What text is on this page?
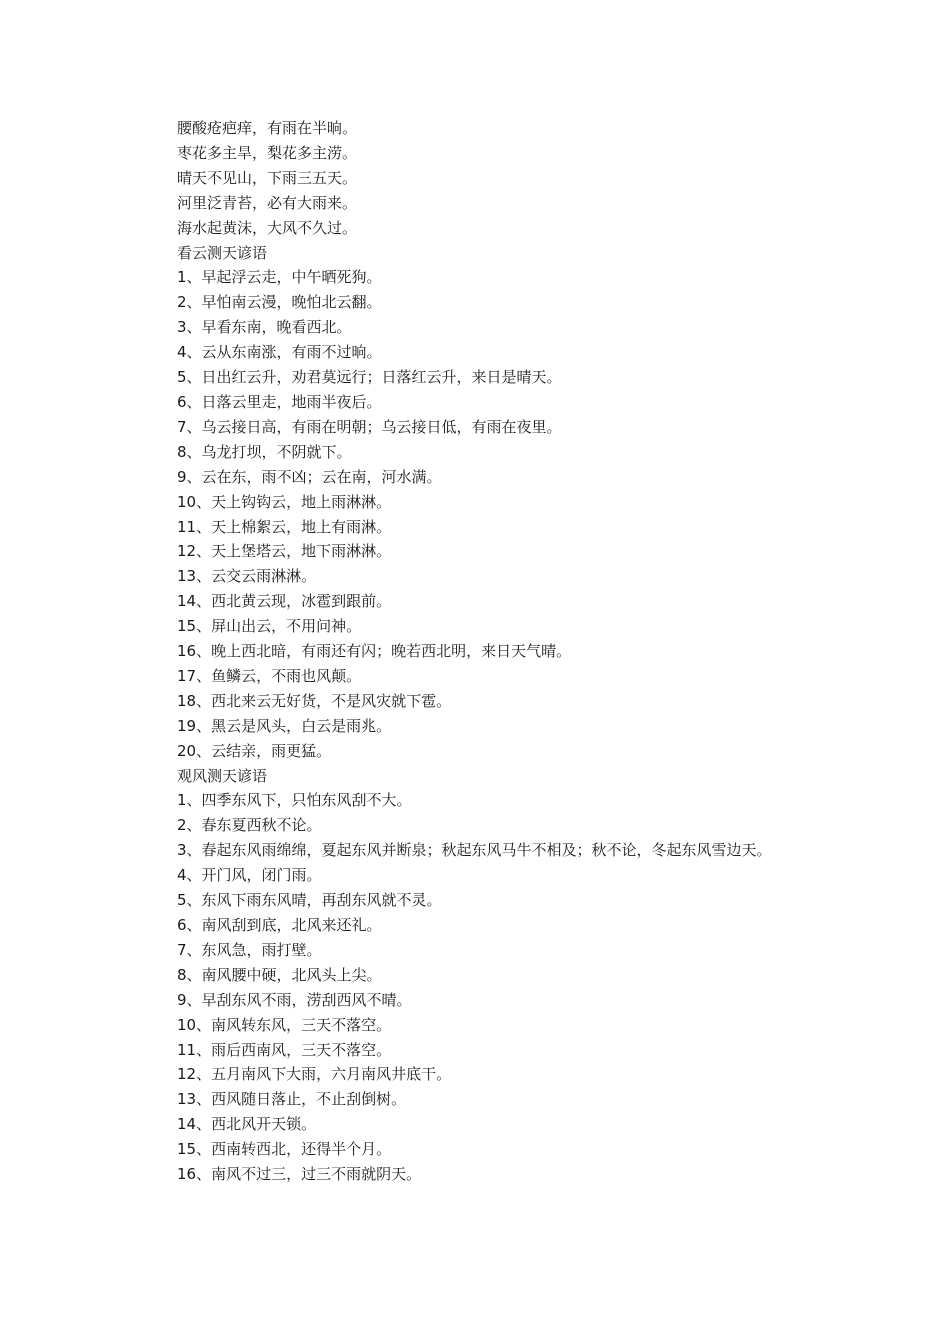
腰酸疮疤痒，有雨在半晌。

枣花多主旱，梨花多主涝。

晴天不见山，下雨三五天。

河里泛青苔，必有大雨来。

海水起黄沫，大风不久过。

看云测天谚语

1、早起浮云走，中午晒死狗。

2、早怕南云漫，晚怕北云翻。

3、早看东南，晚看西北。

4、云从东南涨，有雨不过晌。

5、日出红云升，劝君莫远行；日落红云升，来日是晴天。

6、日落云里走，地雨半夜后。

7、乌云接日高，有雨在明朝；乌云接日低，有雨在夜里。

8、乌龙打坝，不阴就下。

9、云在东，雨不凶；云在南，河水满。

10、天上钩钩云，地上雨淋淋。

11、天上棉絮云，地上有雨淋。

12、天上堡塔云，地下雨淋淋。

13、云交云雨淋淋。

14、西北黄云现，冰雹到跟前。

15、屏山出云，不用问神。

16、晚上西北暗，有雨还有闪；晚若西北明，来日天气晴。

17、鱼鳞云，不雨也风颠。

18、西北来云无好货，不是风灾就下雹。

19、黑云是风头，白云是雨兆。

20、云结亲，雨更猛。

观风测天谚语

1、四季东风下，只怕东风刮不大。

2、春东夏西秋不论。

3、春起东风雨绵绵，夏起东风并断泉；秋起东风马牛不相及；秋不论，冬起东风雪边天。

4、开门风，闭门雨。

5、东风下雨东风晴，再刮东风就不灵。

6、南风刮到底，北风来还礼。

7、东风急，雨打壁。

8、南风腰中硬，北风头上尖。

9、早刮东风不雨，涝刮西风不晴。

10、南风转东风，三天不落空。

11、雨后西南风，三天不落空。

12、五月南风下大雨，六月南风井底干。

13、西风随日落止，不止刮倒树。

14、西北风开天锁。

15、西南转西北，还得半个月。

16、南风不过三，过三不雨就阴天。
